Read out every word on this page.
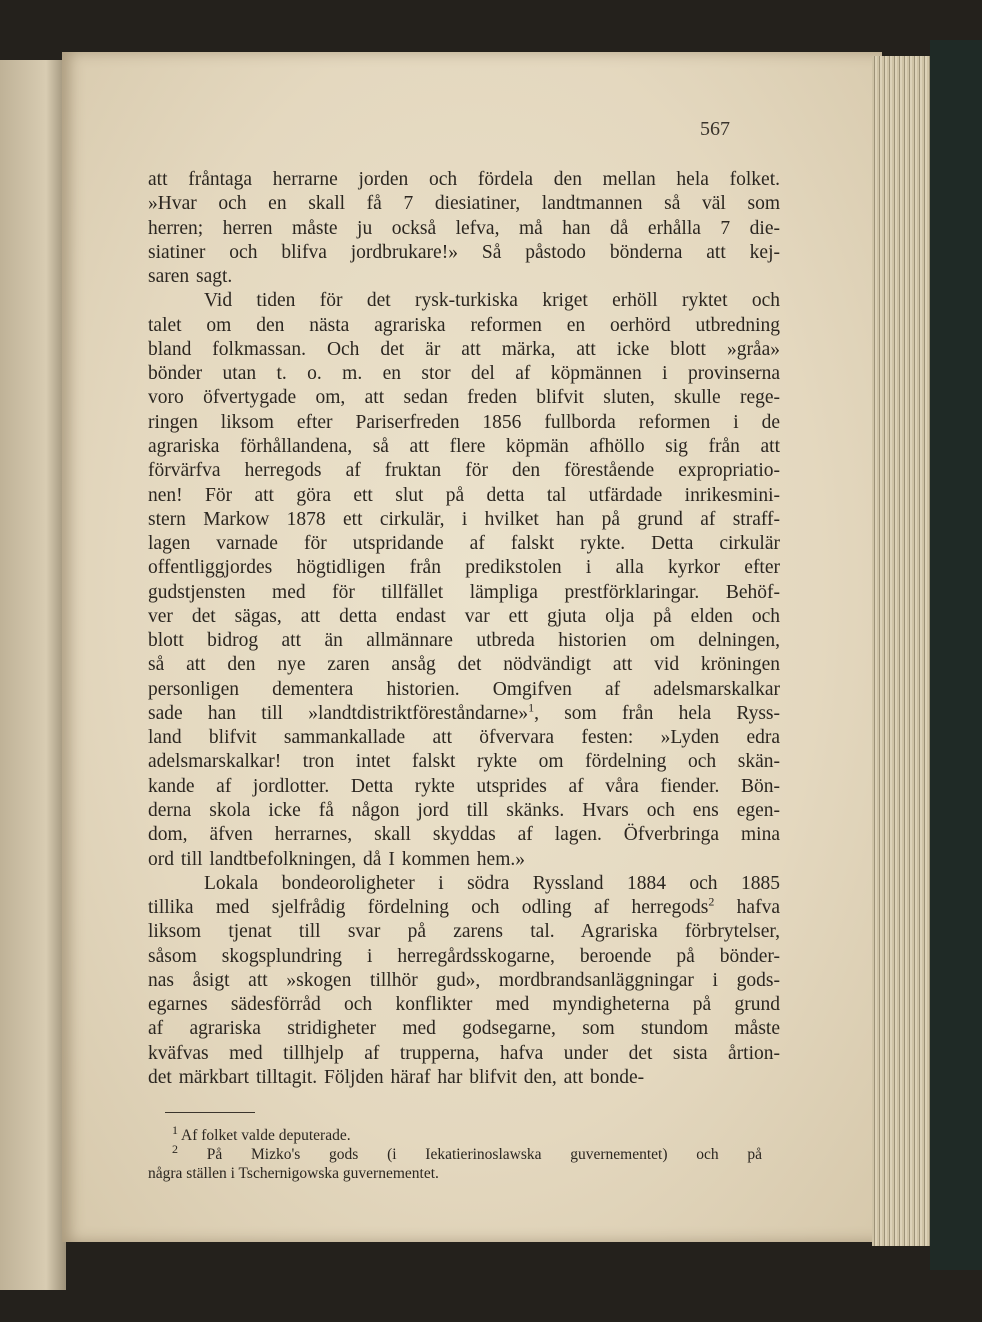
567
att fråntaga herrarne jorden och fördela den mellan hela folket.
»Hvar och en skall få 7 diesiatiner, landtmannen så väl som
herren; herren måste ju också lefva, må han då erhålla 7 die-
siatiner och blifva jordbrukare!» Så påstodo bönderna att kej-
saren sagt.
Vid tiden för det rysk-turkiska kriget erhöll ryktet och
talet om den nästa agrariska reformen en oerhörd utbredning
bland folkmassan. Och det är att märka, att icke blott »gråa»
bönder utan t. o. m. en stor del af köpmännen i provinserna
voro öfvertygade om, att sedan freden blifvit sluten, skulle rege-
ringen liksom efter Pariserfreden 1856 fullborda reformen i de
agrariska förhållandena, så att flere köpmän afhöllo sig från att
förvärfva herregods af fruktan för den förestående expropriatio-
nen! För att göra ett slut på detta tal utfärdade inrikesmini-
stern Markow 1878 ett cirkulär, i hvilket han på grund af straff-
lagen varnade för utspridande af falskt rykte. Detta cirkulär
offentliggjordes högtidligen från predikstolen i alla kyrkor efter
gudstjensten med för tillfället lämpliga prestförklaringar. Behöf-
ver det sägas, att detta endast var ett gjuta olja på elden och
blott bidrog att än allmännare utbreda historien om delningen,
så att den nye zaren ansåg det nödvändigt att vid kröningen
personligen dementera historien. Omgifven af adelsmarskalkar
sade han till »landtdistriktföreståndarne»$^1$, som från hela Ryss-
land blifvit sammankallade att öfvervara festen: »Lyden edra
adelsmarskalkar! tron intet falskt rykte om fördelning och skän-
kande af jordlotter. Detta rykte utsprides af våra fiender. Bön-
derna skola icke få någon jord till skänks. Hvars och ens egen-
dom, äfven herrarnes, skall skyddas af lagen. Öfverbringa mina
ord till landtbefolkningen, då I kommen hem.»
Lokala bondeoroligheter i södra Ryssland 1884 och 1885
tillika med sjelfrådig fördelning och odling af herregods$^2$ hafva
liksom tjenat till svar på zarens tal. Agrariska förbrytelser,
såsom skogsplundring i herregårdsskogarne, beroende på bönder-
nas åsigt att »skogen tillhör gud», mordbrandsanläggningar i gods-
egarnes sädesförråd och konflikter med myndigheterna på grund
af agrariska stridigheter med godsegarne, som stundom måste
kväfvas med tillhjelp af trupperna, hafva under det sista årtion-
det märkbart tilltagit. Följden häraf har blifvit den, att bonde-
$^1$ Af folket valde deputerade.
$^2$ På Mizko's gods (i Iekatierinoslawska guvernementet) och på
några ställen i Tschernigowska guvernementet.
